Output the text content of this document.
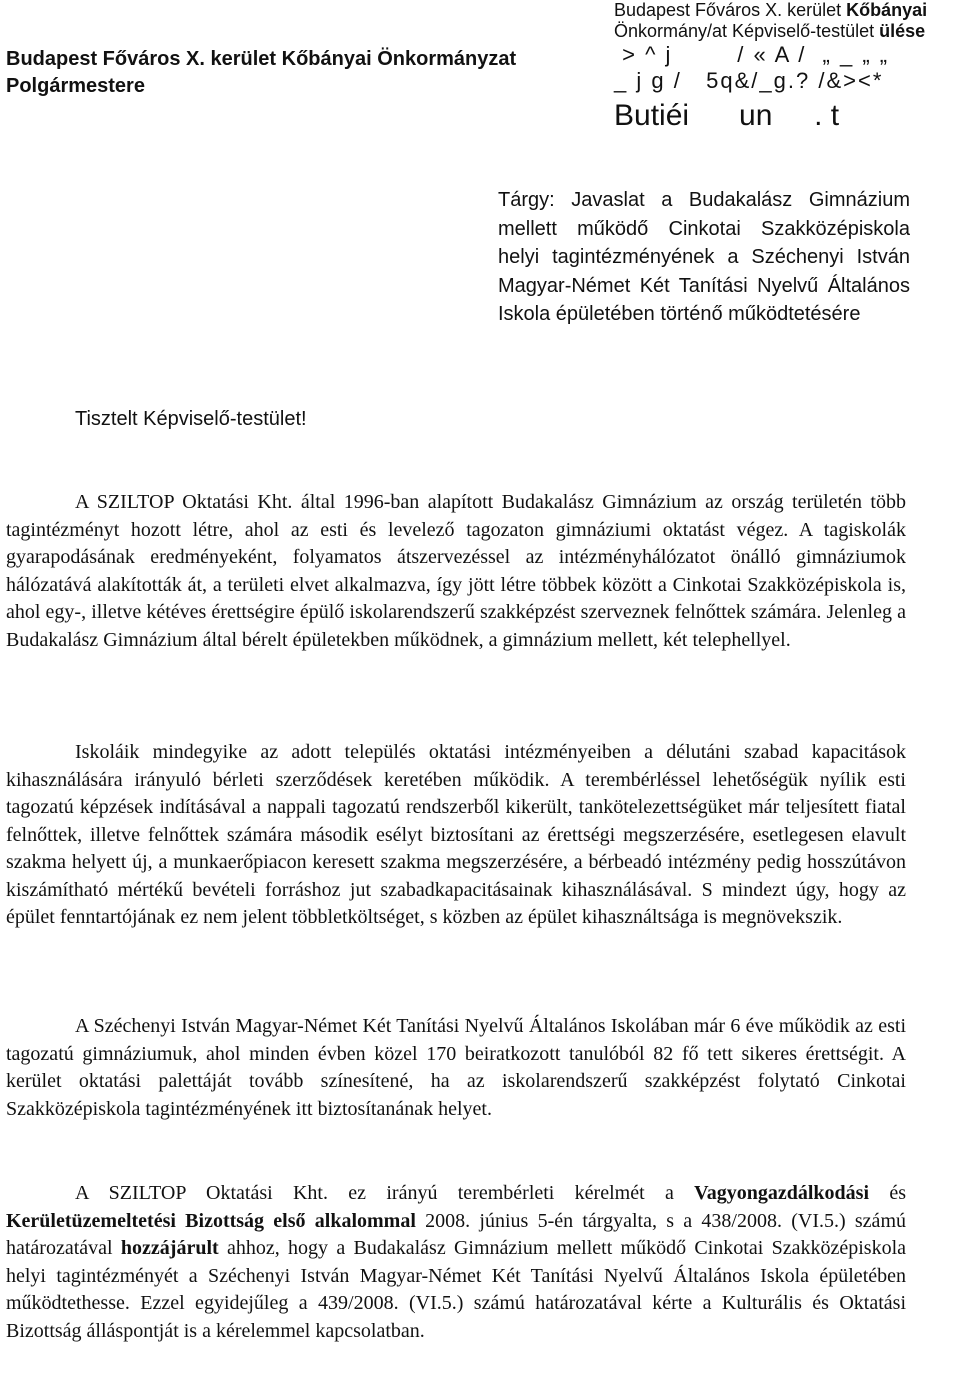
Budapest Főváros X. kerület Kőbányai Önkormányzat
Polgármestere
Budapest Főváros X. kerület Kőbányai
Önkormány/at Képviselő-testület ülése
> ^ j        / « A /  „ _ „ „
_ j g /   5q&/_g.? /&><*
Butiéi      un     . t
Tárgy: Javaslat a Budakalász Gimnázium mellett működő Cinkotai Szakközépiskola helyi tagintézményének a Széchenyi István Magyar-Német Két Tanítási Nyelvű Általános Iskola épületében történő működtetésére
Tisztelt Képviselő-testület!

A SZILTOP Oktatási Kht. által 1996-ban alapított Budakalász Gimnázium az ország területén több tagintézményt hozott létre, ahol az esti és levelező tagozaton gimnáziumi oktatást végez. A tagiskolák gyarapodásának eredményeként, folyamatos átszervezéssel az intézményhálózatot önálló gimnáziumok hálózatává alakították át, a területi elvet alkalmazva, így jött létre többek között a Cinkotai Szakközépiskola is, ahol egy-, illetve kétéves érettségire épülő iskolarendszerű szakképzést szerveznek felnőttek számára. Jelenleg a Budakalász Gimnázium által bérelt épületekben működnek, a gimnázium mellett, két telephellyel.

Iskoláik mindegyike az adott település oktatási intézményeiben a délutáni szabad kapacitások kihasználására irányuló bérleti szerződések keretében működik. A terembérléssel lehetőségük nyílik esti tagozatú képzések indításával a nappali tagozatú rendszerből kikerült, tankötelezettségüket már teljesített fiatal felnőttek, illetve felnőttek számára második esélyt biztosítani az érettségi megszerzésére, esetlegesen elavult szakma helyett új, a munkaerőpiacon keresett szakma megszerzésére, a bérbeadó intézmény pedig hosszútávon kiszámítható mértékű bevételi forráshoz jut szabadkapacitásainak kihasználásával. S mindezt úgy, hogy az épület fenntartójának ez nem jelent többletköltséget, s közben az épület kihasználtsága is megnövekszik.

A Széchenyi István Magyar-Német Két Tanítási Nyelvű Általános Iskolában már 6 éve működik az esti tagozatú gimnáziumuk, ahol minden évben közel 170 beiratkozott tanulóból 82 fő tett sikeres érettségit. A kerület oktatási palettáját tovább színesítené, ha az iskolarendszerű szakképzést folytató Cinkotai Szakközépiskola tagintézményének itt biztosítanának helyet.

A SZILTOP Oktatási Kht. ez irányú terembérleti kérelmét a Vagyongazdálkodási és Kerületüzemeltetési Bizottság első alkalommal 2008. június 5-én tárgyalta, s a 438/2008. (VI.5.) számú határozatával hozzájárult ahhoz, hogy a Budakalász Gimnázium mellett működő Cinkotai Szakközépiskola helyi tagintézményét a Széchenyi István Magyar-Német Két Tanítási Nyelvű Általános Iskola épületében működtethesse. Ezzel egyidejűleg a 439/2008. (VI.5.) számú határozatával kérte a Kulturális és Oktatási Bizottság álláspontját is a kérelemmel kapcsolatban.
